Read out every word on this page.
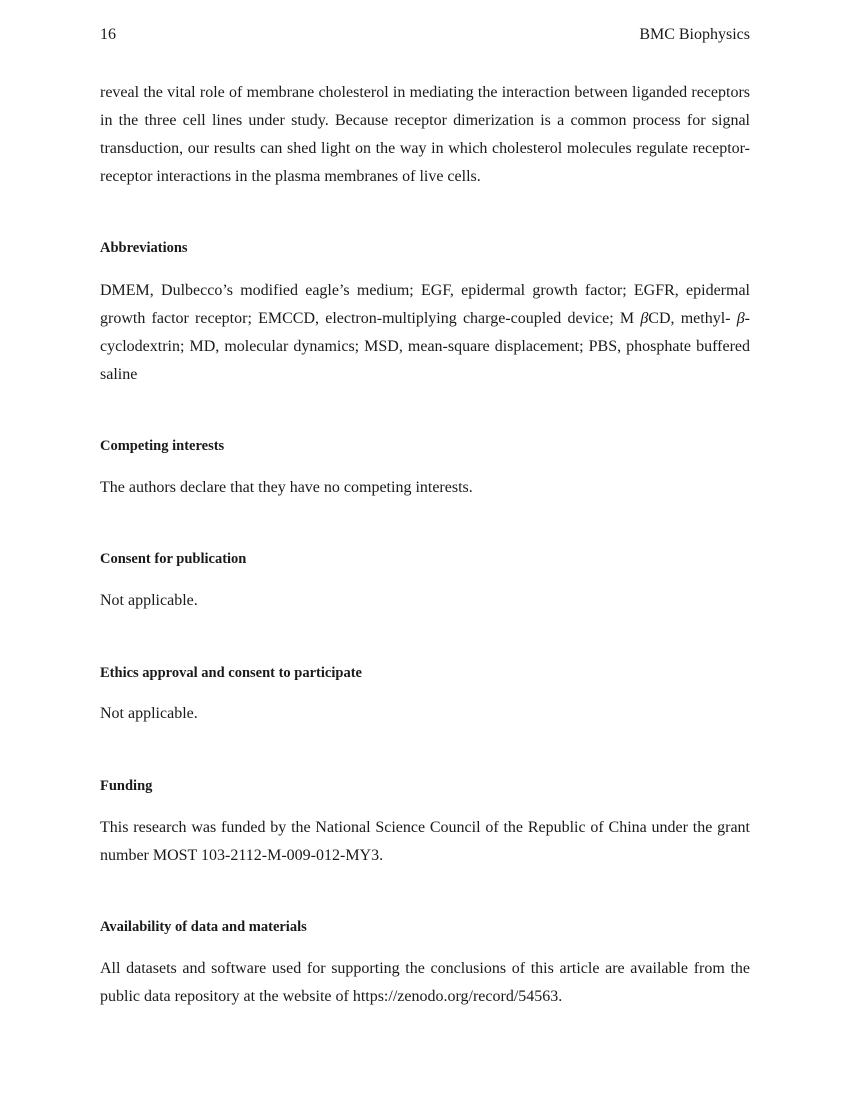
16	BMC Biophysics

reveal the vital role of membrane cholesterol in mediating the interaction between liganded receptors in the three cell lines under study. Because receptor dimerization is a common process for signal transduction, our results can shed light on the way in which cholesterol molecules regulate receptor-receptor interactions in the plasma membranes of live cells.

Abbreviations

DMEM, Dulbecco’s modified eagle’s medium; EGF, epidermal growth factor; EGFR, epidermal growth factor receptor; EMCCD, electron-multiplying charge-coupled device; M βCD, methyl- β-cyclodextrin; MD, molecular dynamics; MSD, mean-square displacement; PBS, phosphate buffered saline

Competing interests

The authors declare that they have no competing interests.

Consent for publication

Not applicable.

Ethics approval and consent to participate

Not applicable.

Funding

This research was funded by the National Science Council of the Republic of China under the grant number MOST 103-2112-M-009-012-MY3.

Availability of data and materials

All datasets and software used for supporting the conclusions of this article are available from the public data repository at the website of https://zenodo.org/record/54563.
